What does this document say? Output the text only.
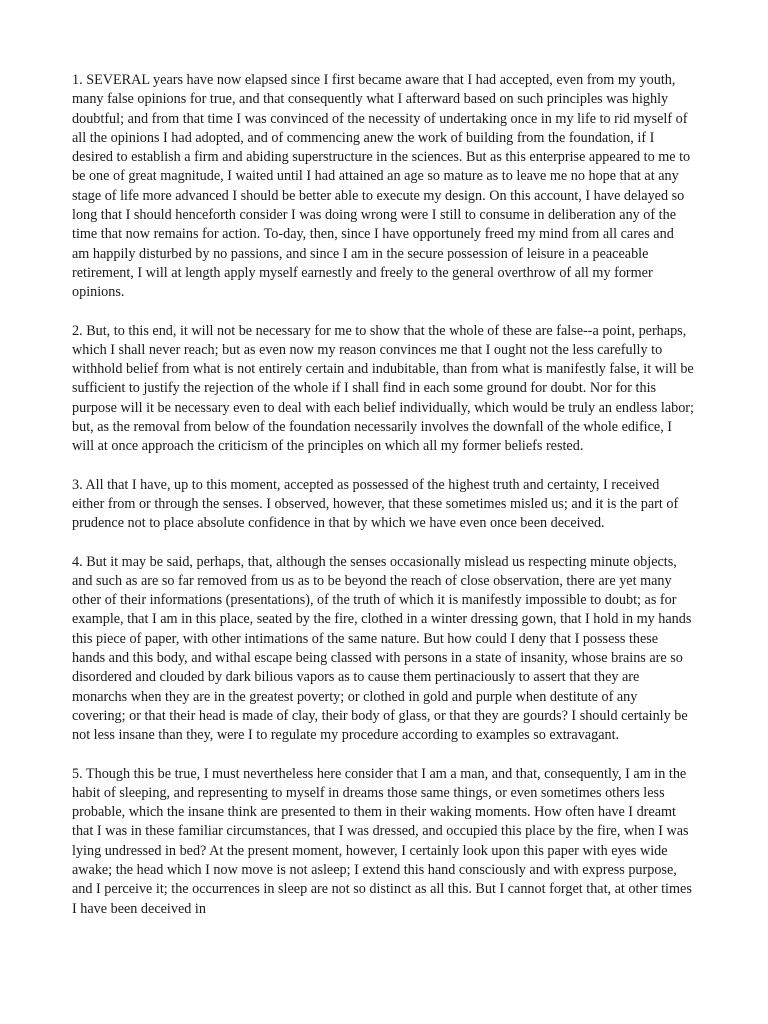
1. SEVERAL years have now elapsed since I first became aware that I had accepted, even from my youth, many false opinions for true, and that consequently what I afterward based on such principles was highly doubtful; and from that time I was convinced of the necessity of undertaking once in my life to rid myself of all the opinions I had adopted, and of commencing anew the work of building from the foundation, if I desired to establish a firm and abiding superstructure in the sciences. But as this enterprise appeared to me to be one of great magnitude, I waited until I had attained an age so mature as to leave me no hope that at any stage of life more advanced I should be better able to execute my design. On this account, I have delayed so long that I should henceforth consider I was doing wrong were I still to consume in deliberation any of the time that now remains for action. To-day, then, since I have opportunely freed my mind from all cares and am happily disturbed by no passions, and since I am in the secure possession of leisure in a peaceable retirement, I will at length apply myself earnestly and freely to the general overthrow of all my former opinions.

2. But, to this end, it will not be necessary for me to show that the whole of these are false--a point, perhaps, which I shall never reach; but as even now my reason convinces me that I ought not the less carefully to withhold belief from what is not entirely certain and indubitable, than from what is manifestly false, it will be sufficient to justify the rejection of the whole if I shall find in each some ground for doubt. Nor for this purpose will it be necessary even to deal with each belief individually, which would be truly an endless labor; but, as the removal from below of the foundation necessarily involves the downfall of the whole edifice, I will at once approach the criticism of the principles on which all my former beliefs rested.

3. All that I have, up to this moment, accepted as possessed of the highest truth and certainty, I received either from or through the senses. I observed, however, that these sometimes misled us; and it is the part of prudence not to place absolute confidence in that by which we have even once been deceived.

4. But it may be said, perhaps, that, although the senses occasionally mislead us respecting minute objects, and such as are so far removed from us as to be beyond the reach of close observation, there are yet many other of their informations (presentations), of the truth of which it is manifestly impossible to doubt; as for example, that I am in this place, seated by the fire, clothed in a winter dressing gown, that I hold in my hands this piece of paper, with other intimations of the same nature. But how could I deny that I possess these hands and this body, and withal escape being classed with persons in a state of insanity, whose brains are so disordered and clouded by dark bilious vapors as to cause them pertinaciously to assert that they are monarchs when they are in the greatest poverty; or clothed in gold and purple when destitute of any covering; or that their head is made of clay, their body of glass, or that they are gourds? I should certainly be not less insane than they, were I to regulate my procedure according to examples so extravagant.

5. Though this be true, I must nevertheless here consider that I am a man, and that, consequently, I am in the habit of sleeping, and representing to myself in dreams those same things, or even sometimes others less probable, which the insane think are presented to them in their waking moments. How often have I dreamt that I was in these familiar circumstances, that I was dressed, and occupied this place by the fire, when I was lying undressed in bed? At the present moment, however, I certainly look upon this paper with eyes wide awake; the head which I now move is not asleep; I extend this hand consciously and with express purpose, and I perceive it; the occurrences in sleep are not so distinct as all this. But I cannot forget that, at other times I have been deceived in
